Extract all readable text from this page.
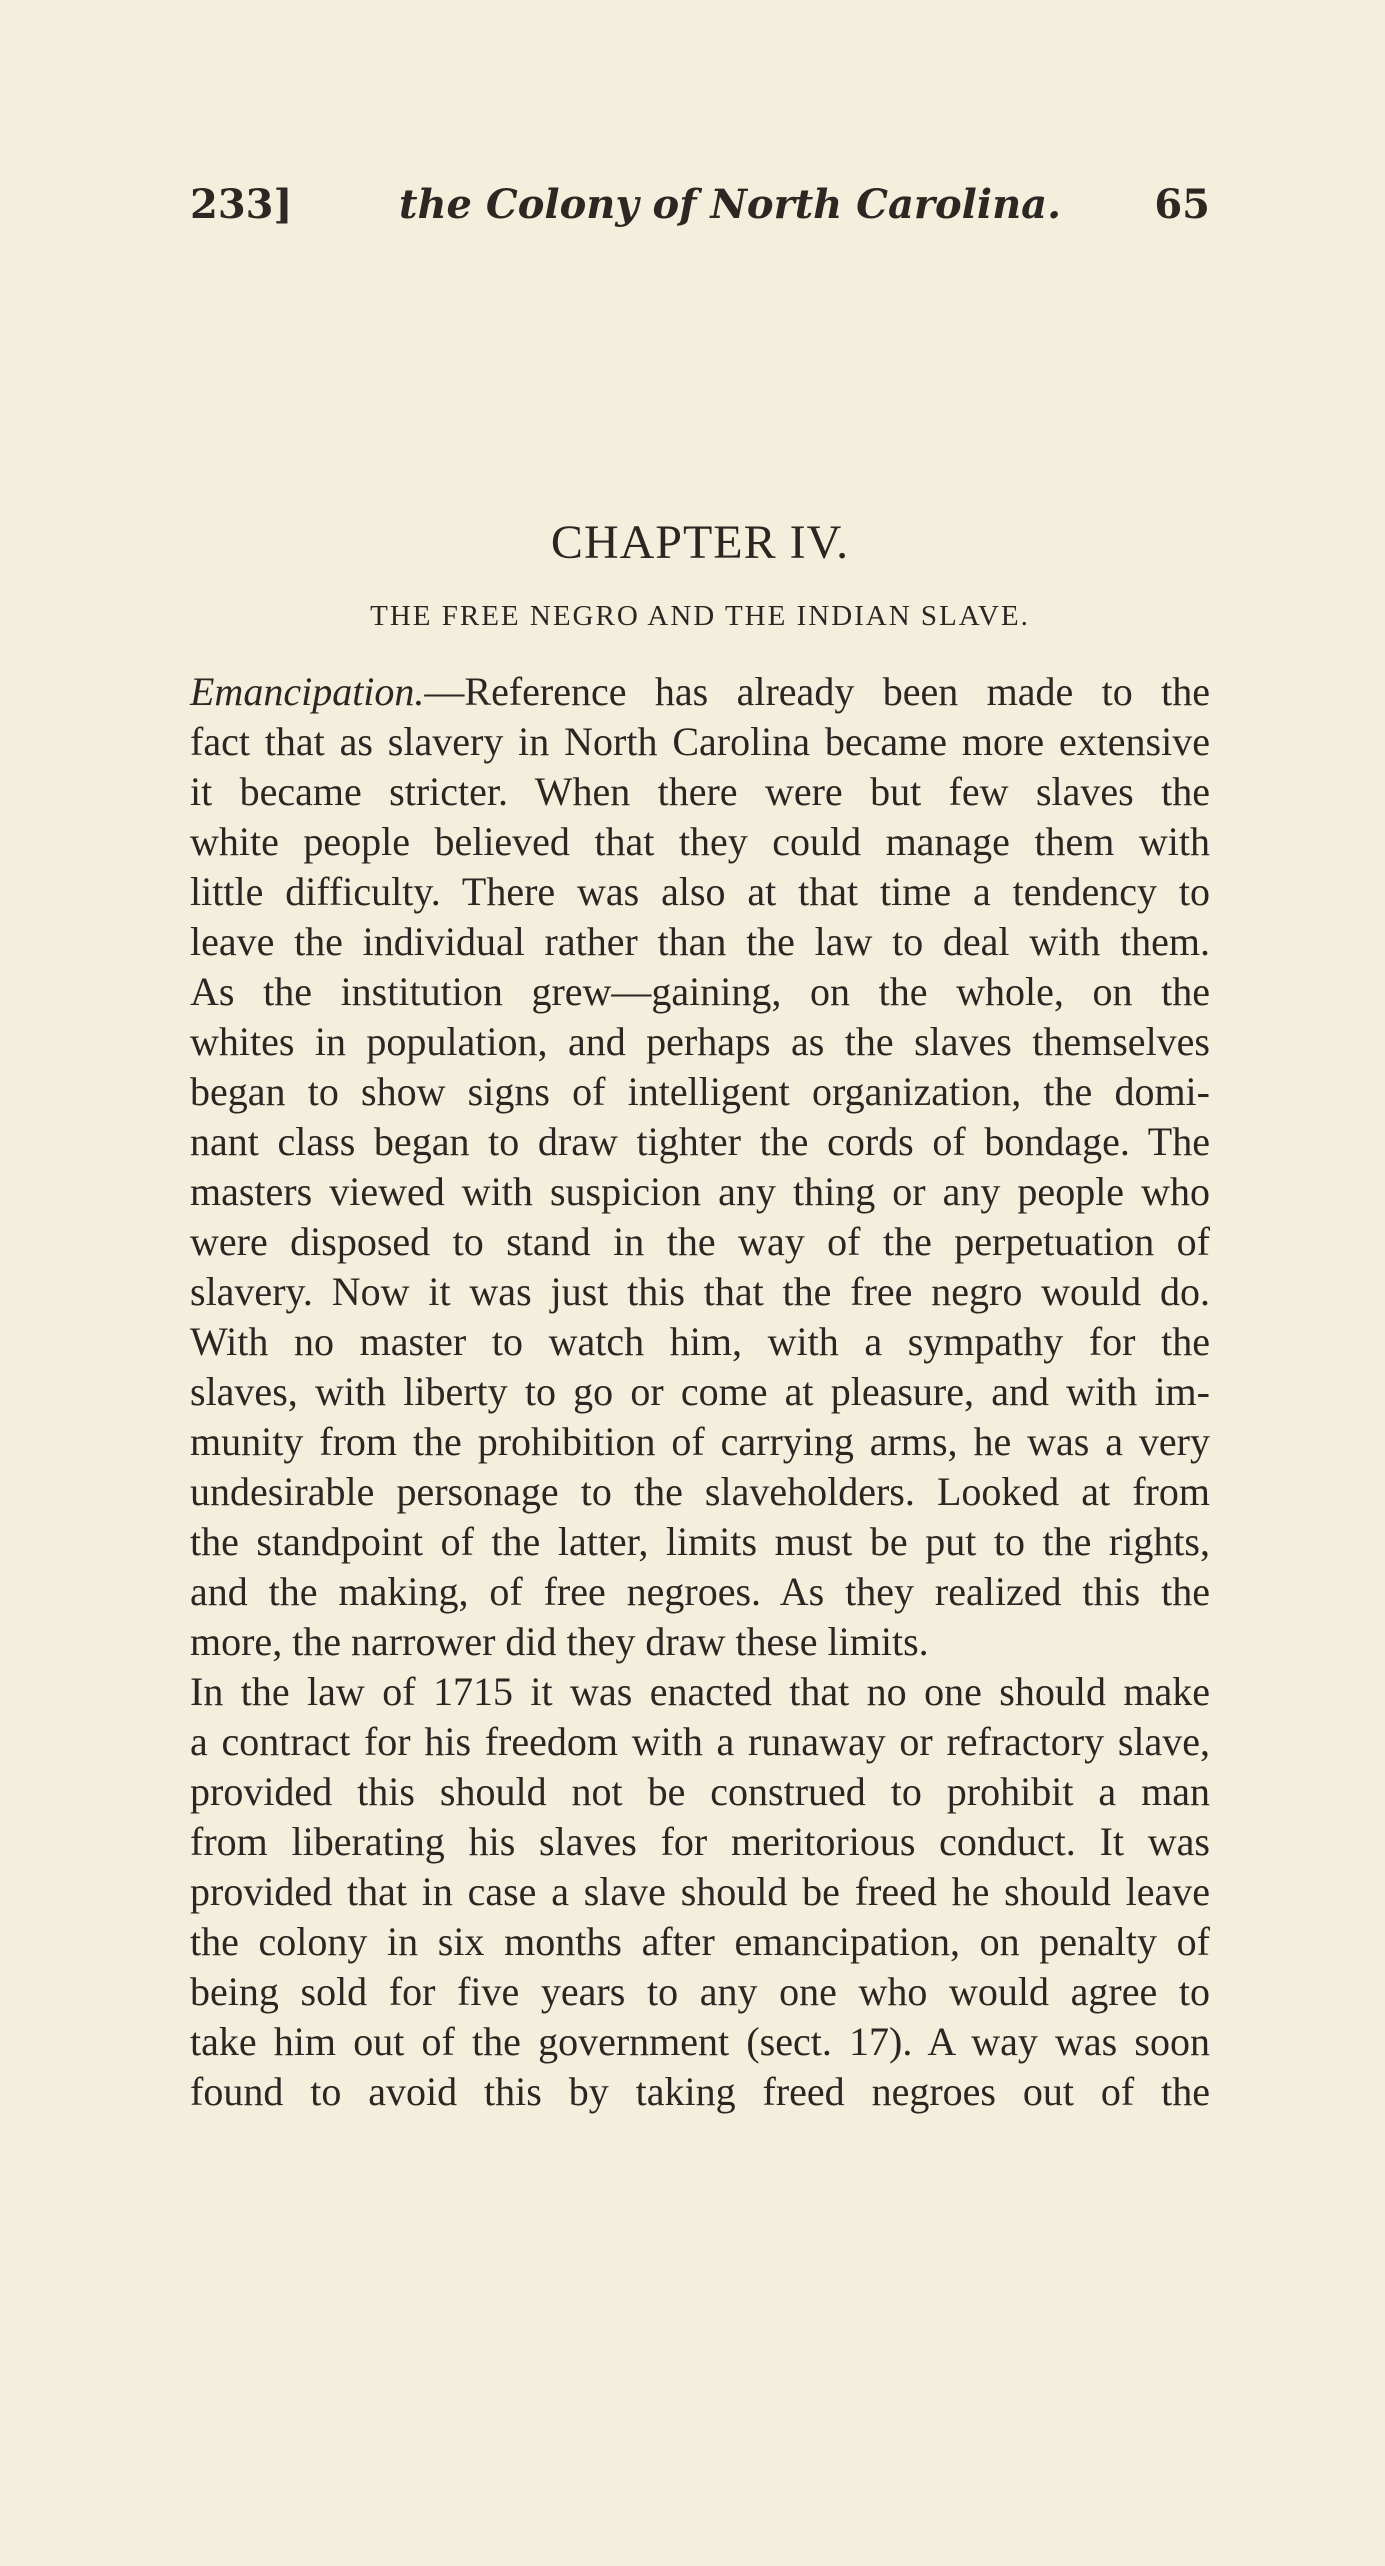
233]	the Colony of North Carolina.	65
CHAPTER IV.
THE FREE NEGRO AND THE INDIAN SLAVE.
Emancipation.—Reference has already been made to the
fact that as slavery in North Carolina became more extensive
it became stricter. When there were but few slaves the
white people believed that they could manage them with
little difficulty. There was also at that time a tendency to
leave the individual rather than the law to deal with them.
As the institution grew—gaining, on the whole, on the
whites in population, and perhaps as the slaves themselves
began to show signs of intelligent organization, the domi-
nant class began to draw tighter the cords of bondage. The
masters viewed with suspicion any thing or any people who
were disposed to stand in the way of the perpetuation of
slavery. Now it was just this that the free negro would do.
With no master to watch him, with a sympathy for the
slaves, with liberty to go or come at pleasure, and with im-
munity from the prohibition of carrying arms, he was a very
undesirable personage to the slaveholders. Looked at from
the standpoint of the latter, limits must be put to the rights,
and the making, of free negroes. As they realized this the
more, the narrower did they draw these limits.
In the law of 1715 it was enacted that no one should make
a contract for his freedom with a runaway or refractory slave,
provided this should not be construed to prohibit a man
from liberating his slaves for meritorious conduct. It was
provided that in case a slave should be freed he should leave
the colony in six months after emancipation, on penalty of
being sold for five years to any one who would agree to
take him out of the government (sect. 17). A way was soon
found to avoid this by taking freed negroes out of the
